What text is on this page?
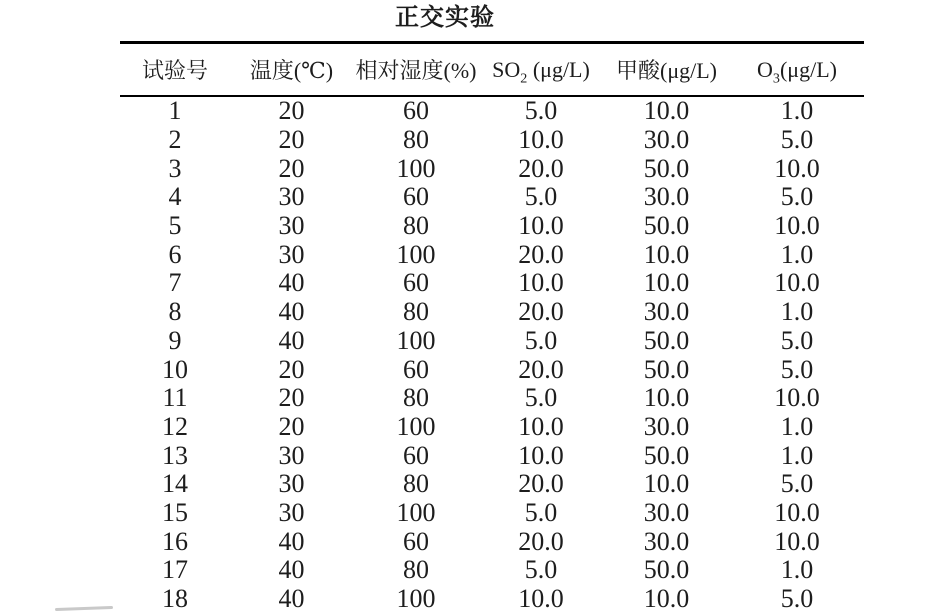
正交实验
试验号	温度(℃)	相对湿度(%)	$SO_2$ (μg/L)	甲酸(μg/L)	$O_3(\mu g/L)$
1	20	60	5.0	10.0	1.0
2	20	80	10.0	30.0	5.0
3	20	100	20.0	50.0	10.0
4	30	60	5.0	30.0	5.0
5	30	80	10.0	50.0	10.0
6	30	100	20.0	10.0	1.0
7	40	60	10.0	10.0	10.0
8	40	80	20.0	30.0	1.0
9	40	100	5.0	50.0	5.0
10	20	60	20.0	50.0	5.0
11	20	80	5.0	10.0	10.0
12	20	100	10.0	30.0	1.0
13	30	60	10.0	50.0	1.0
14	30	80	20.0	10.0	5.0
15	30	100	5.0	30.0	10.0
16	40	60	20.0	30.0	10.0
17	40	80	5.0	50.0	1.0
18	40	100	10.0	10.0	5.0
